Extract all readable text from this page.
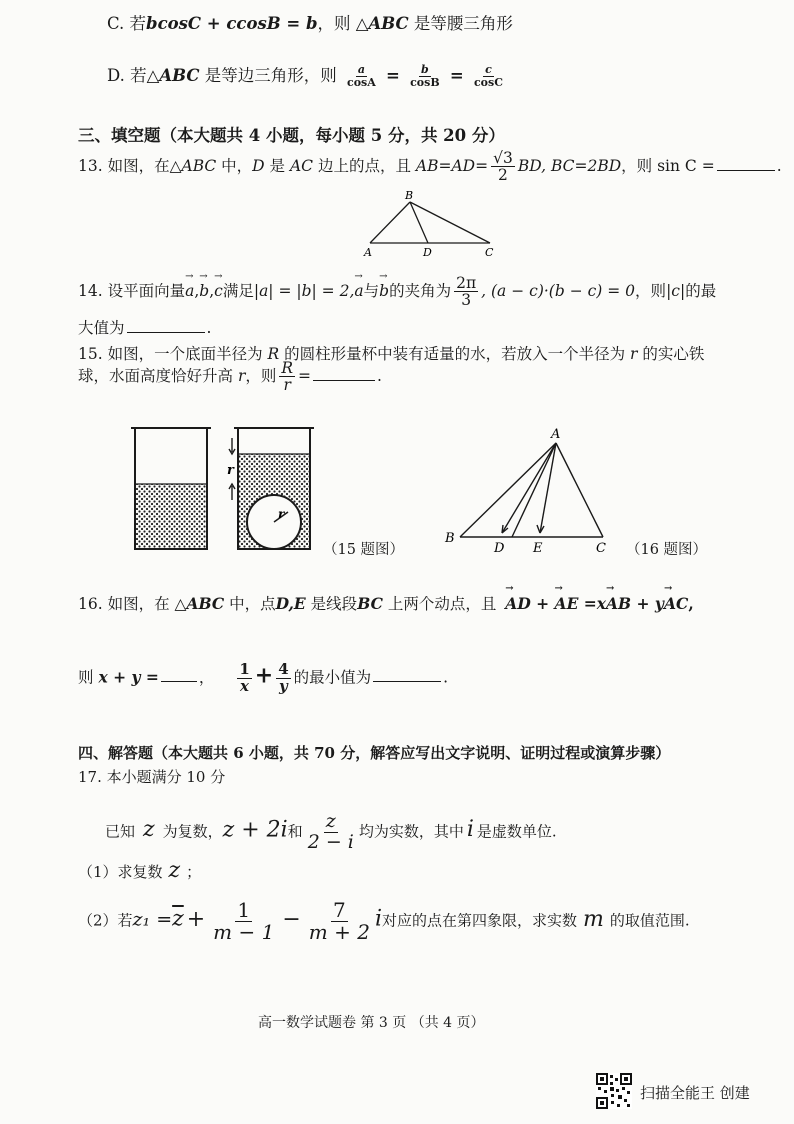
C. 若bcosC + ccosB = b，则 △ABC 是等腰三角形
D. 若△ABC 是等边三角形，则 $\frac{a}{\cos A} = \frac{b}{\cos B} = \frac{c}{\cos C}$
三、填空题（本大题共 4 小题，每小题 5 分，共 20 分）
13. 如图，在△ABC 中，D 是 AC 边上的点，且 $AB=AD= \frac{√3}{2}$ BD, BC=2BD，则 sin C =	.
A
B
C
D
14. 设平面向量→ a,→ b,→ c满足|a| = |b| = 2,→ a与→ b的夹角为 $\frac{2\pi}{3}$ , (a − c)·(b − c) = 0，则|c|的最
大值为	.
15. 如图，一个底面半径为 R 的圆柱形量杯中装有适量的水，若放入一个半径为 r 的实心铁
球，水面高度恰好升高 r，则 $\frac{R}{r}$ =	.
r
r
（15 题图）
A
B
D E	C （16 题图）
16. 如图，在 △ABC 中，点D,E 是线段BC 上两个动点，且 → AD + → AE =x→ AB + y→ AC,
则 x + y =	， $\frac{1}{x} + \frac{4}{y}$ 的最小值为	.
四、解答题（本大题共 6 小题，共 70 分，解答应写出文字说明、证明过程或演算步骤）
17. 本小题满分 10 分
已知 z 为复数，z + 2i和 $\frac{z}{2 - i}$ 均为实数，其中 i 是虚数单位.
（1）求复数 z ；
（2）若$z_1 =\overline{z} + \frac{1}{m - 1} - \frac{7}{m + 2}$ i对应的点在第四象限，求实数 m 的取值范围.
高一数学试题卷 第 3 页 （共 4 页）
扫描全能王 创建
